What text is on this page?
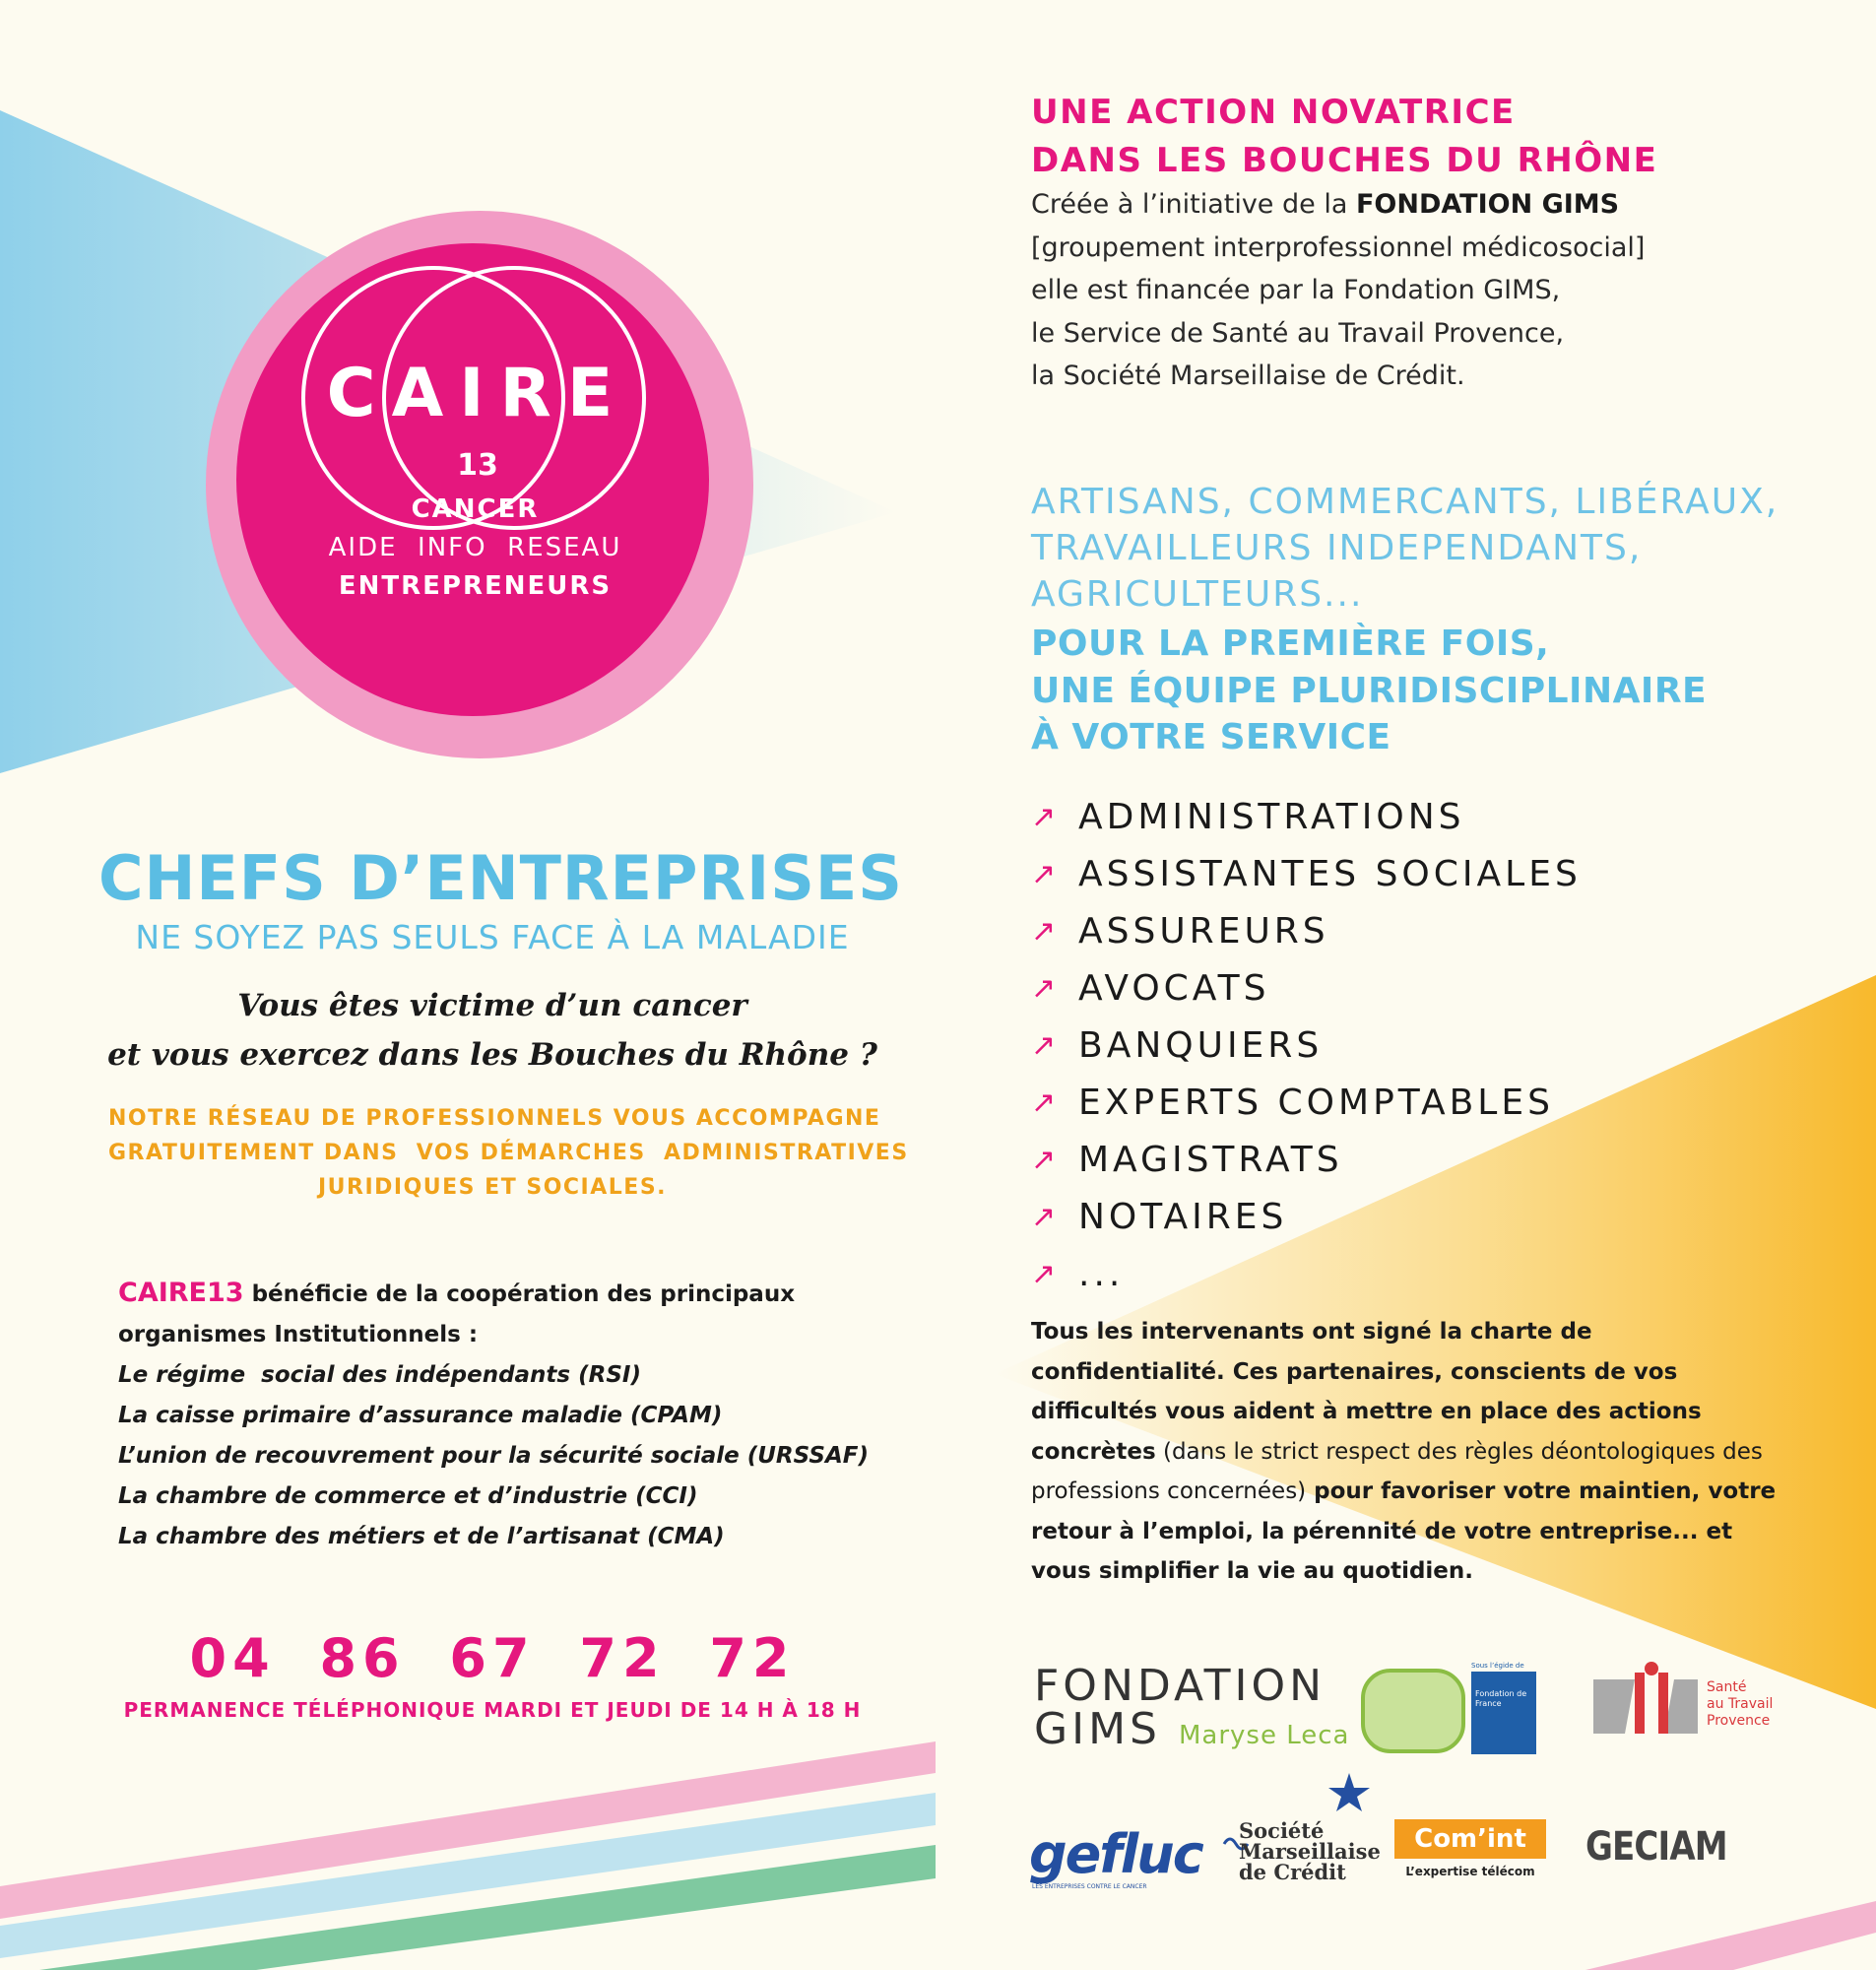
CAIRE
13
CANCER
AIDE  INFO  RESEAU
ENTREPRENEURS
CHEFS D’ENTREPRISES
NE SOYEZ PAS SEULS FACE À LA MALADIE
Vous êtes victime d’un cancer
et vous exercez dans les Bouches du Rhône ?
NOTRE RÉSEAU DE PROFESSIONNELS VOUS ACCOMPAGNE
GRATUITEMENT DANS  VOS DÉMARCHES  ADMINISTRATIVES
JURIDIQUES ET SOCIALES.
CAIRE13 bénéficie de la coopération des principaux organismes Institutionnels :
Le régime  social des indépendants (RSI)
La caisse primaire d’assurance maladie (CPAM)
L’union de recouvrement pour la sécurité sociale (URSSAF)
La chambre de commerce et d’industrie (CCI)
La chambre des métiers et de l’artisanat (CMA)
04 86 67 72 72
PERMANENCE TÉLÉPHONIQUE MARDI ET JEUDI DE 14 H À 18 H
UNE ACTION NOVATRICE
DANS LES BOUCHES DU RHÔNE
Créée à l’initiative de la FONDATION GIMS
[groupement interprofessionnel médicosocial]
elle est financée par la Fondation GIMS,
le Service de Santé au Travail Provence,
la Société Marseillaise de Crédit.
ARTISANS, COMMERCANTS, LIBÉRAUX,
TRAVAILLEURS INDEPENDANTS,
AGRICULTEURS...
POUR LA PREMIÈRE FOIS,
UNE ÉQUIPE PLURIDISCIPLINAIRE
À VOTRE SERVICE
↗ ADMINISTRATIONS
↗ ASSISTANTES SOCIALES
↗ ASSUREURS
↗ AVOCATS
↗ BANQUIERS
↗ EXPERTS COMPTABLES
↗ MAGISTRATS
↗ NOTAIRES
↗ ...
Tous les intervenants ont signé la charte de confidentialité. Ces partenaires, conscients de vos difficultés vous aident à mettre en place des actions concrètes (dans le strict respect des règles déontologiques des professions concernées) pour favoriser votre maintien, votre retour à l’emploi, la pérennité de votre entreprise... et vous simplifier la vie au quotidien.
FONDATION
GIMS Maryse Leca
Sous l’égide de
Fondation de France
Santé
au Travail
Provence
gefluc
LES ENTREPRISES CONTRE LE CANCER
Société
Marseillaise
de Crédit
Com’int
L’expertise télécom
GECIAM
